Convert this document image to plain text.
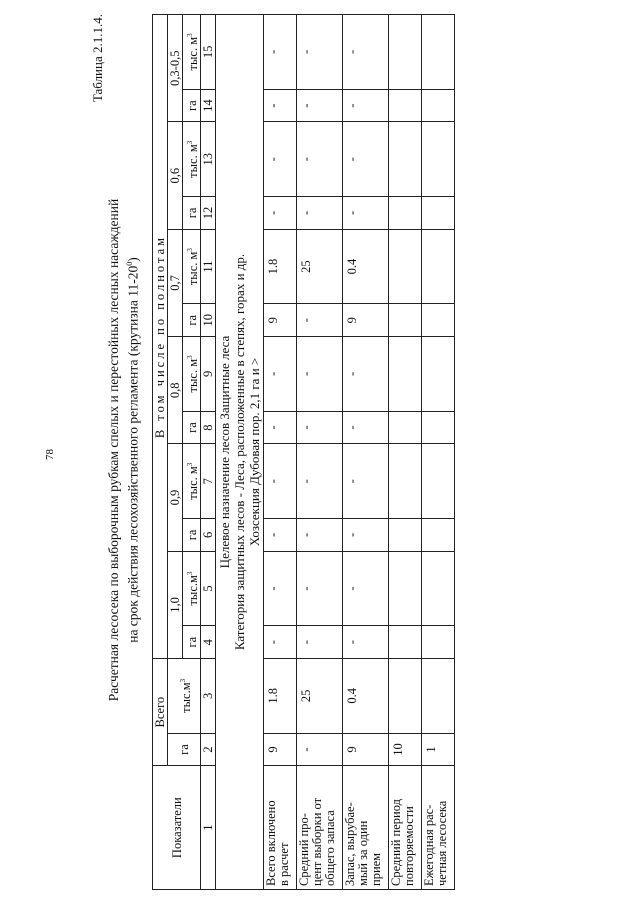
78
Таблица 2.1.1.4.
Расчетная лесосека по выборочным рубкам спелых и перестойных лесных насаждений на срок действия лесохозяйственного регламента (крутизна $11-20^0$)
Показатели	Всего		В том числе по полнотам											
	га	$тыс.м^3$	1,0		0,9		0,8		0,7		0,6		0,3-0,5	
			га	$тыс.м^3$	га	тыс. $м^3$	га	тыс. $м^3$	га	тыс. $м^3$	га	тыс. $м^3$	га	тыс. $м^3$
1	2	3	4	5	6	7	8	9	10	11	12	13	14	15

Целевое назначение лесов Защитные леса Категория защитных лесов - Леса, расположенные в степях, горах и др. Хозсекция Дубовая пор. 2,1 га и >														

Всего включено в расчет	9	1.8	-	-	-	-	-	-	9	1.8	-	-	-	-

Средний про- цент выборки от общего запаса	-	25	-	-	-	-	-	-	-	25	-	-	-	-

Запас, вырубае- мый за один прием	9	0.4	-	-	-	-	-	-	9	0.4	-	-	-	-

Средний период повторяемости	10													

Ежегодная рас- четная лесосека	1													
